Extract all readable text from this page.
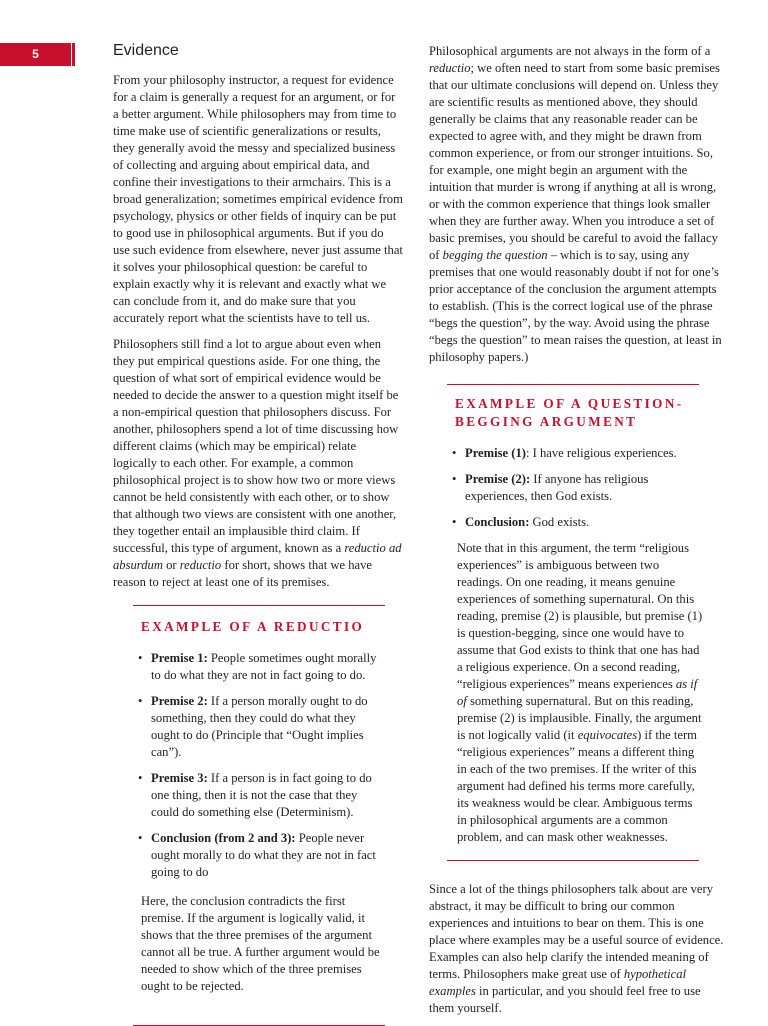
5	Evidence

From your philosophy instructor, a request for evidence for a claim is generally a request for an argument, or for a better argument. While philosophers may from time to time make use of scientific generalizations or results, they generally avoid the messy and specialized business of collecting and arguing about empirical data, and confine their investigations to their armchairs. This is a broad generalization; sometimes empirical evidence from psychology, physics or other fields of inquiry can be put to good use in philosophical arguments. But if you do use such evidence from elsewhere, never just assume that it solves your philosophical question: be careful to explain exactly why it is relevant and exactly what we can conclude from it, and do make sure that you accurately report what the scientists have to tell us.

Philosophers still find a lot to argue about even when they put empirical questions aside. For one thing, the question of what sort of empirical evidence would be needed to decide the answer to a question might itself be a non-empirical question that philosophers discuss. For another, philosophers spend a lot of time discussing how different claims (which may be empirical) relate logically to each other. For example, a common philosophical project is to show how two or more views cannot be held consistently with each other, or to show that although two views are consistent with one another, they together entail an implausible third claim. If successful, this type of argument, known as a reductio ad absurdum or reductio for short, shows that we have reason to reject at least one of its premises.

EXAMPLE OF A REDUCTIO
• Premise 1: People sometimes ought morally to do what they are not in fact going to do.
• Premise 2: If a person morally ought to do something, then they could do what they ought to do (Principle that “Ought implies can”).
• Premise 3: If a person is in fact going to do one thing, then it is not the case that they could do something else (Determinism).
• Conclusion (from 2 and 3): People never ought morally to do what they are not in fact going to do

Here, the conclusion contradicts the first premise. If the argument is logically valid, it shows that the three premises of the argument cannot all be true. A further argument would be needed to show which of the three premises ought to be rejected.

Philosophical arguments are not always in the form of a reductio; we often need to start from some basic premises that our ultimate conclusions will depend on. Unless they are scientific results as mentioned above, they should generally be claims that any reasonable reader can be expected to agree with, and they might be drawn from common experience, or from our stronger intuitions. So, for example, one might begin an argument with the intuition that murder is wrong if anything at all is wrong, or with the common experience that things look smaller when they are further away. When you introduce a set of basic premises, you should be careful to avoid the fallacy of begging the question – which is to say, using any premises that one would reasonably doubt if not for one’s prior acceptance of the conclusion the argument attempts to establish. (This is the correct logical use of the phrase “begs the question”, by the way. Avoid using the phrase “begs the question” to mean raises the question, at least in philosophy papers.)

EXAMPLE OF A QUESTION-BEGGING ARGUMENT
• Premise (1): I have religious experiences.
• Premise (2): If anyone has religious experiences, then God exists.
• Conclusion: God exists.

Note that in this argument, the term “religious experiences” is ambiguous between two readings. On one reading, it means genuine experiences of something supernatural. On this reading, premise (2) is plausible, but premise (1) is question-begging, since one would have to assume that God exists to think that one has had a religious experience. On a second reading, “religious experiences” means experiences as if of something supernatural. But on this reading, premise (2) is implausible. Finally, the argument is not logically valid (it equivocates) if the term “religious experiences” means a different thing in each of the two premises. If the writer of this argument had defined his terms more carefully, its weakness would be clear. Ambiguous terms in philosophical arguments are a common problem, and can mask other weaknesses.

Since a lot of the things philosophers talk about are very abstract, it may be difficult to bring our common experiences and intuitions to bear on them. This is one place where examples may be a useful source of evidence. Examples can also help clarify the intended meaning of terms. Philosophers make great use of hypothetical examples in particular, and you should feel free to use them yourself.
